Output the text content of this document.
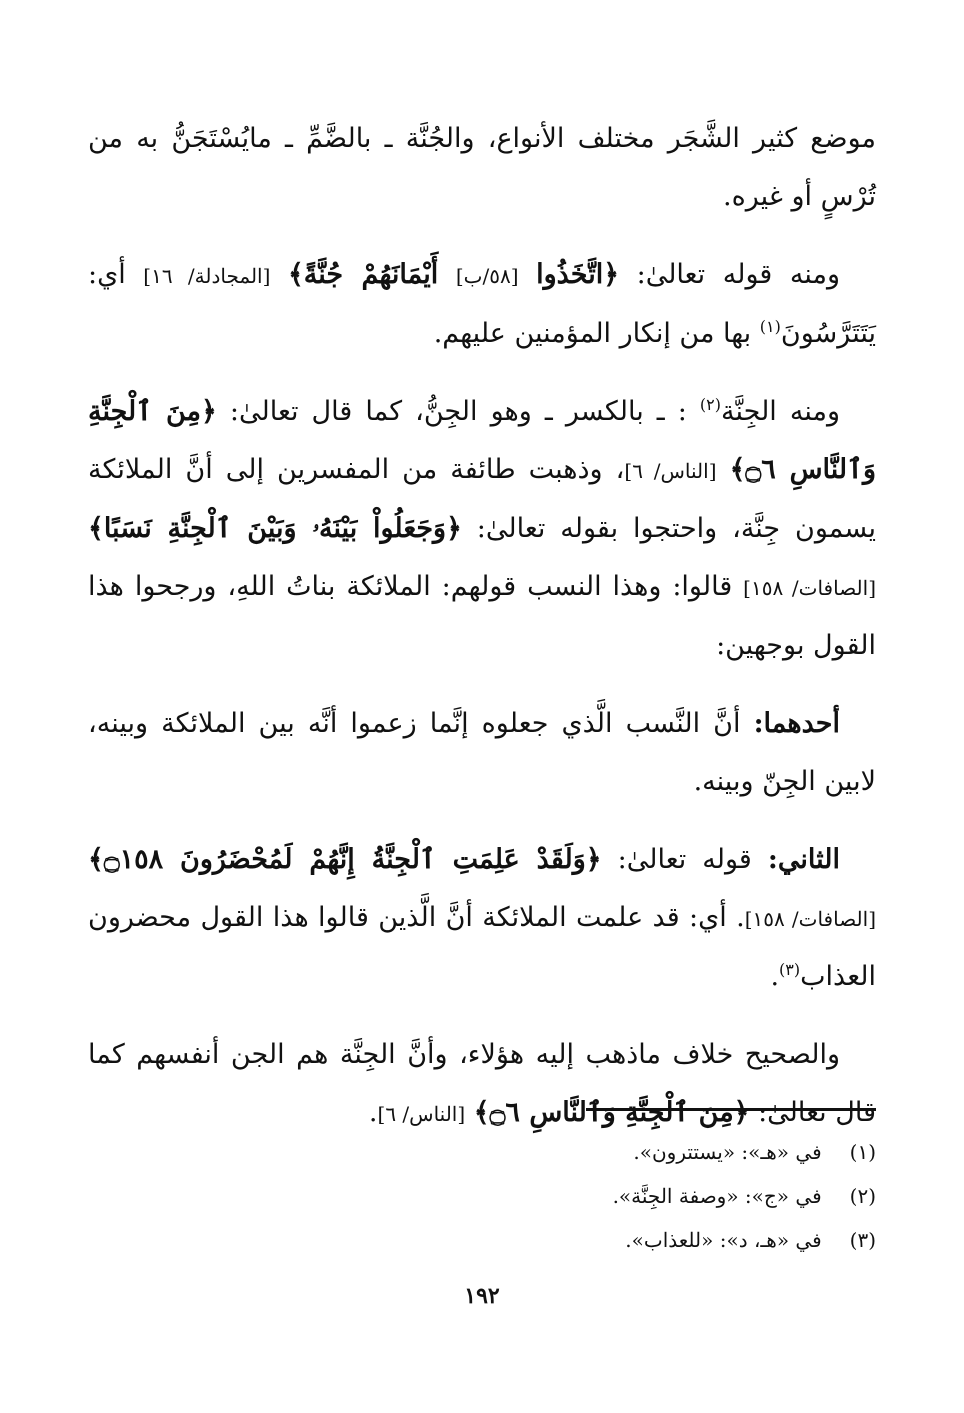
موضع كثير الشَّجَر مختلف الأنواع، والجُنَّة ـ بالضَّمِّ ـ مايُسْتَجَنُّ به من تُرْسٍ أو غيره.

ومنه قوله تعالىٰ: ﴿اتَّخَذُوا [٥٨/ب] أَيْمَانَهُمْ جُنَّةً﴾ [المجادلة/ ١٦] أي: يَتَتَرَّسُونَ$^{(١)}$ بها من إنكار المؤمنين عليهم.

ومنه الجِنَّة$^{(٢)}$ : ـ بالكسر ـ وهو الجِنُّ، كما قال تعالىٰ: ﴿مِنَ ٱلْجِنَّةِ وَٱلنَّاسِ ۝٦﴾ [الناس/ ٦]، وذهبت طائفة من المفسرين إلى أنَّ الملائكة يسمون جِنَّة، واحتجوا بقوله تعالىٰ: ﴿وَجَعَلُواْ بَيْنَهُۥ وَبَيْنَ ٱلْجِنَّةِ نَسَبًا﴾ [الصافات/ ١٥٨] قالوا: وهذا النسب قولهم: الملائكة بناتُ اللهِ، ورجحوا هذا القول بوجهين:

أحدهما: أنَّ النَّسب الَّذي جعلوه إنَّما زعموا أنَّه بين الملائكة وبينه، لابين الجِنّ وبينه.

الثاني: قوله تعالىٰ: ﴿وَلَقَدْ عَلِمَتِ ٱلْجِنَّةُ إِنَّهُمْ لَمُحْضَرُونَ ۝١٥٨﴾ [الصافات/ ١٥٨]. أي: قد علمت الملائكة أنَّ الَّذين قالوا هذا القول محضرون العذاب$^{(٣)}$.

والصحيح خلاف ماذهب إليه هؤلاء، وأنَّ الجِنَّة هم الجن أنفسهم كما قال تعالىٰ: ﴿مِنَ ٱلْجِنَّةِ وَٱلنَّاسِ ۝٦﴾ [الناس/ ٦].

(١) في «هـ»: «يستترون».
(٢) في «ج»: «وصفة الجِنَّة».
(٣) في «هـ، د»: «للعذاب».
١٩٢
